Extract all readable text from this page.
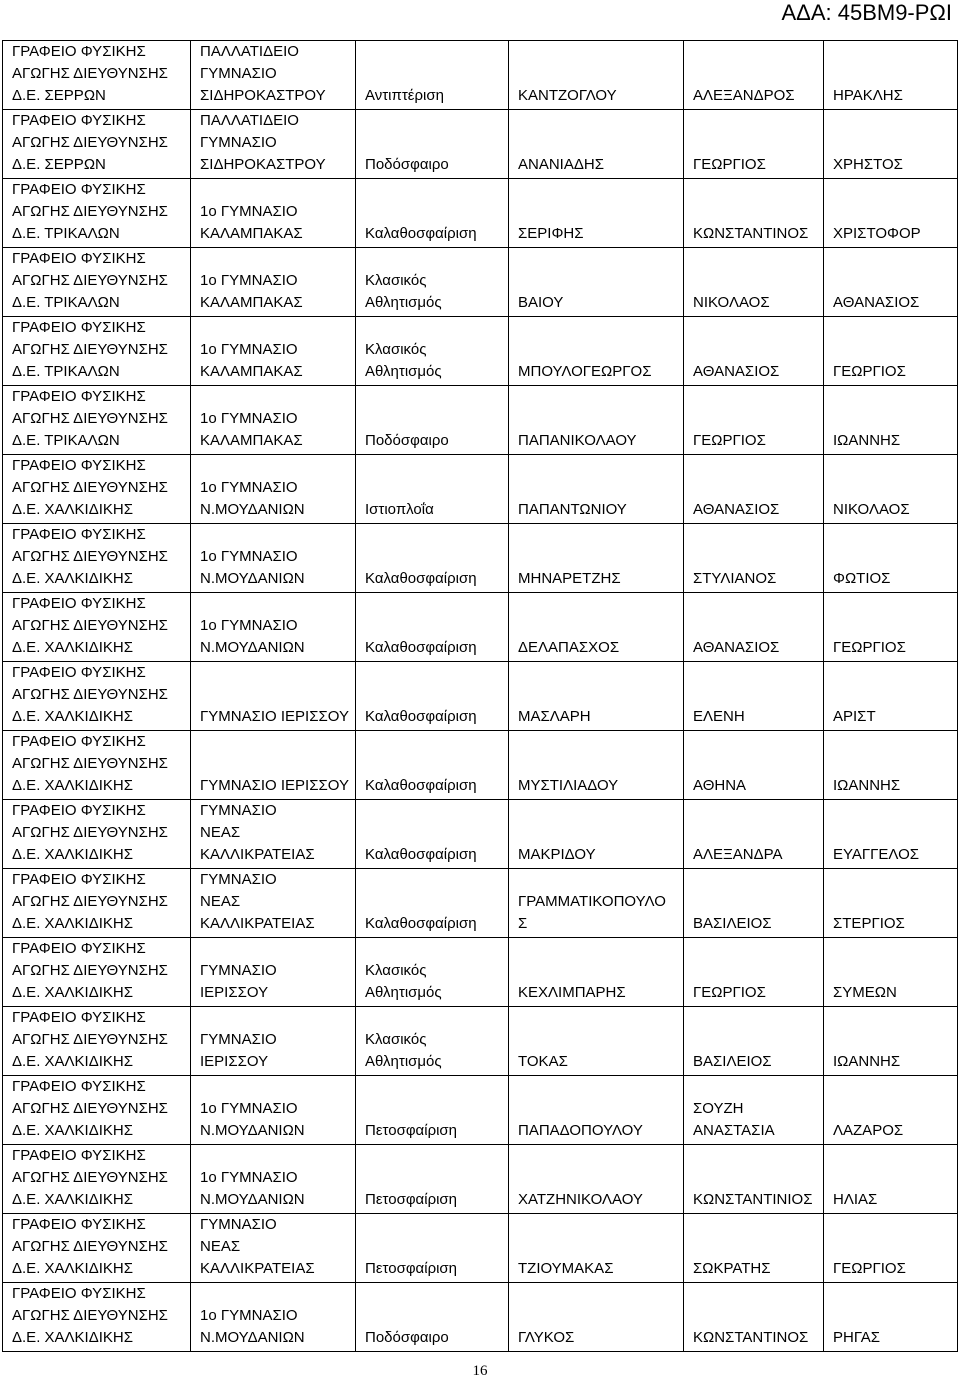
ΑΔΑ: 45ΒΜ9-ΡΩΙ
ΓΡΑΦΕΙΟ ΦΥΣΙΚΗΣ
ΑΓΩΓΗΣ ΔΙΕΥΘΥΝΣΗΣ
Δ.Ε. ΣΕΡΡΩΝ	ΠΑΛΛΑΤΙΔΕΙΟ
ΓΥΜΝΑΣΙΟ
ΣΙΔΗΡΟΚΑΣΤΡΟΥ	Αντιπτέριση	ΚΑΝΤΖΟΓΛΟΥ	ΑΛΕΞΑΝΔΡΟΣ	ΗΡΑΚΛΗΣ

ΓΡΑΦΕΙΟ ΦΥΣΙΚΗΣ
ΑΓΩΓΗΣ ΔΙΕΥΘΥΝΣΗΣ
Δ.Ε. ΣΕΡΡΩΝ	ΠΑΛΛΑΤΙΔΕΙΟ
ΓΥΜΝΑΣΙΟ
ΣΙΔΗΡΟΚΑΣΤΡΟΥ	Ποδόσφαιρο	ΑΝΑΝΙΑΔΗΣ	ΓΕΩΡΓΙΟΣ	ΧΡΗΣΤΟΣ

ΓΡΑΦΕΙΟ ΦΥΣΙΚΗΣ
ΑΓΩΓΗΣ ΔΙΕΥΘΥΝΣΗΣ
Δ.Ε. ΤΡΙΚΑΛΩΝ	1ο ΓΥΜΝΑΣΙΟ
ΚΑΛΑΜΠΑΚΑΣ	Καλαθοσφαίριση	ΣΕΡΙΦΗΣ	ΚΩΝΣΤΑΝΤΙΝΟΣ	ΧΡΙΣΤΟΦΟΡ

ΓΡΑΦΕΙΟ ΦΥΣΙΚΗΣ
ΑΓΩΓΗΣ ΔΙΕΥΘΥΝΣΗΣ
Δ.Ε. ΤΡΙΚΑΛΩΝ	1ο ΓΥΜΝΑΣΙΟ
ΚΑΛΑΜΠΑΚΑΣ	Κλασικός
Αθλητισμός	ΒΑΙΟΥ	ΝΙΚΟΛΑΟΣ	ΑΘΑΝΑΣΙΟΣ

ΓΡΑΦΕΙΟ ΦΥΣΙΚΗΣ
ΑΓΩΓΗΣ ΔΙΕΥΘΥΝΣΗΣ
Δ.Ε. ΤΡΙΚΑΛΩΝ	1ο ΓΥΜΝΑΣΙΟ
ΚΑΛΑΜΠΑΚΑΣ	Κλασικός
Αθλητισμός	ΜΠΟΥΛΟΓΕΩΡΓΟΣ	ΑΘΑΝΑΣΙΟΣ	ΓΕΩΡΓΙΟΣ

ΓΡΑΦΕΙΟ ΦΥΣΙΚΗΣ
ΑΓΩΓΗΣ ΔΙΕΥΘΥΝΣΗΣ
Δ.Ε. ΤΡΙΚΑΛΩΝ	1ο ΓΥΜΝΑΣΙΟ
ΚΑΛΑΜΠΑΚΑΣ	Ποδόσφαιρο	ΠΑΠΑΝΙΚΟΛΑΟΥ	ΓΕΩΡΓΙΟΣ	ΙΩΑΝΝΗΣ

ΓΡΑΦΕΙΟ ΦΥΣΙΚΗΣ
ΑΓΩΓΗΣ ΔΙΕΥΘΥΝΣΗΣ
Δ.Ε. ΧΑΛΚΙΔΙΚΗΣ	1ο ΓΥΜΝΑΣΙΟ
Ν.ΜΟΥΔΑΝΙΩΝ	Ιστιοπλοΐα	ΠΑΠΑΝΤΩΝΙΟΥ	ΑΘΑΝΑΣΙΟΣ	ΝΙΚΟΛΑΟΣ

ΓΡΑΦΕΙΟ ΦΥΣΙΚΗΣ
ΑΓΩΓΗΣ ΔΙΕΥΘΥΝΣΗΣ
Δ.Ε. ΧΑΛΚΙΔΙΚΗΣ	1ο ΓΥΜΝΑΣΙΟ
Ν.ΜΟΥΔΑΝΙΩΝ	Καλαθοσφαίριση	ΜΗΝΑΡΕΤΖΗΣ	ΣΤΥΛΙΑΝΟΣ	ΦΩΤΙΟΣ

ΓΡΑΦΕΙΟ ΦΥΣΙΚΗΣ
ΑΓΩΓΗΣ ΔΙΕΥΘΥΝΣΗΣ
Δ.Ε. ΧΑΛΚΙΔΙΚΗΣ	1ο ΓΥΜΝΑΣΙΟ
Ν.ΜΟΥΔΑΝΙΩΝ	Καλαθοσφαίριση	ΔΕΛΑΠΑΣΧΟΣ	ΑΘΑΝΑΣΙΟΣ	ΓΕΩΡΓΙΟΣ

ΓΡΑΦΕΙΟ ΦΥΣΙΚΗΣ
ΑΓΩΓΗΣ ΔΙΕΥΘΥΝΣΗΣ
Δ.Ε. ΧΑΛΚΙΔΙΚΗΣ	ΓΥΜΝΑΣΙΟ ΙΕΡΙΣΣΟΥ	Καλαθοσφαίριση	ΜΑΣΛΑΡΗ	ΕΛΕΝΗ	ΑΡΙΣΤ

ΓΡΑΦΕΙΟ ΦΥΣΙΚΗΣ
ΑΓΩΓΗΣ ΔΙΕΥΘΥΝΣΗΣ
Δ.Ε. ΧΑΛΚΙΔΙΚΗΣ	ΓΥΜΝΑΣΙΟ ΙΕΡΙΣΣΟΥ	Καλαθοσφαίριση	ΜΥΣΤΙΛΙΑΔΟΥ	ΑΘΗΝΑ	ΙΩΑΝΝΗΣ

ΓΡΑΦΕΙΟ ΦΥΣΙΚΗΣ
ΑΓΩΓΗΣ ΔΙΕΥΘΥΝΣΗΣ
Δ.Ε. ΧΑΛΚΙΔΙΚΗΣ	ΓΥΜΝΑΣΙΟ
ΝΕΑΣ
ΚΑΛΛΙΚΡΑΤΕΙΑΣ	Καλαθοσφαίριση	ΜΑΚΡΙΔΟΥ	ΑΛΕΞΑΝΔΡΑ	ΕΥΑΓΓΕΛΟΣ

ΓΡΑΦΕΙΟ ΦΥΣΙΚΗΣ
ΑΓΩΓΗΣ ΔΙΕΥΘΥΝΣΗΣ
Δ.Ε. ΧΑΛΚΙΔΙΚΗΣ	ΓΥΜΝΑΣΙΟ
ΝΕΑΣ
ΚΑΛΛΙΚΡΑΤΕΙΑΣ	Καλαθοσφαίριση	ΓΡΑΜΜΑΤΙΚΟΠΟΥΛΟ
Σ	ΒΑΣΙΛΕΙΟΣ	ΣΤΕΡΓΙΟΣ

ΓΡΑΦΕΙΟ ΦΥΣΙΚΗΣ
ΑΓΩΓΗΣ ΔΙΕΥΘΥΝΣΗΣ
Δ.Ε. ΧΑΛΚΙΔΙΚΗΣ	ΓΥΜΝΑΣΙΟ
ΙΕΡΙΣΣΟΥ	Κλασικός
Αθλητισμός	ΚΕΧΛΙΜΠΑΡΗΣ	ΓΕΩΡΓΙΟΣ	ΣΥΜΕΩΝ

ΓΡΑΦΕΙΟ ΦΥΣΙΚΗΣ
ΑΓΩΓΗΣ ΔΙΕΥΘΥΝΣΗΣ
Δ.Ε. ΧΑΛΚΙΔΙΚΗΣ	ΓΥΜΝΑΣΙΟ
ΙΕΡΙΣΣΟΥ	Κλασικός
Αθλητισμός	ΤΟΚΑΣ	ΒΑΣΙΛΕΙΟΣ	ΙΩΑΝΝΗΣ

ΓΡΑΦΕΙΟ ΦΥΣΙΚΗΣ
ΑΓΩΓΗΣ ΔΙΕΥΘΥΝΣΗΣ
Δ.Ε. ΧΑΛΚΙΔΙΚΗΣ	1ο ΓΥΜΝΑΣΙΟ
Ν.ΜΟΥΔΑΝΙΩΝ	Πετοσφαίριση	ΠΑΠΑΔΟΠΟΥΛΟΥ	ΣΟΥΖΗ
ΑΝΑΣΤΑΣΙΑ	ΛΑΖΑΡΟΣ

ΓΡΑΦΕΙΟ ΦΥΣΙΚΗΣ
ΑΓΩΓΗΣ ΔΙΕΥΘΥΝΣΗΣ
Δ.Ε. ΧΑΛΚΙΔΙΚΗΣ	1ο ΓΥΜΝΑΣΙΟ
Ν.ΜΟΥΔΑΝΙΩΝ	Πετοσφαίριση	ΧΑΤΖΗΝΙΚΟΛΑΟΥ	ΚΩΝΣΤΑΝΤΙΝΙΟΣ	ΗΛΙΑΣ

ΓΡΑΦΕΙΟ ΦΥΣΙΚΗΣ
ΑΓΩΓΗΣ ΔΙΕΥΘΥΝΣΗΣ
Δ.Ε. ΧΑΛΚΙΔΙΚΗΣ	ΓΥΜΝΑΣΙΟ
ΝΕΑΣ
ΚΑΛΛΙΚΡΑΤΕΙΑΣ	Πετοσφαίριση	ΤΖΙΟΥΜΑΚΑΣ	ΣΩΚΡΑΤΗΣ	ΓΕΩΡΓΙΟΣ

ΓΡΑΦΕΙΟ ΦΥΣΙΚΗΣ
ΑΓΩΓΗΣ ΔΙΕΥΘΥΝΣΗΣ
Δ.Ε. ΧΑΛΚΙΔΙΚΗΣ	1ο ΓΥΜΝΑΣΙΟ
Ν.ΜΟΥΔΑΝΙΩΝ	Ποδόσφαιρο	ΓΛΥΚΟΣ	ΚΩΝΣΤΑΝΤΙΝΟΣ	ΡΗΓΑΣ
16
